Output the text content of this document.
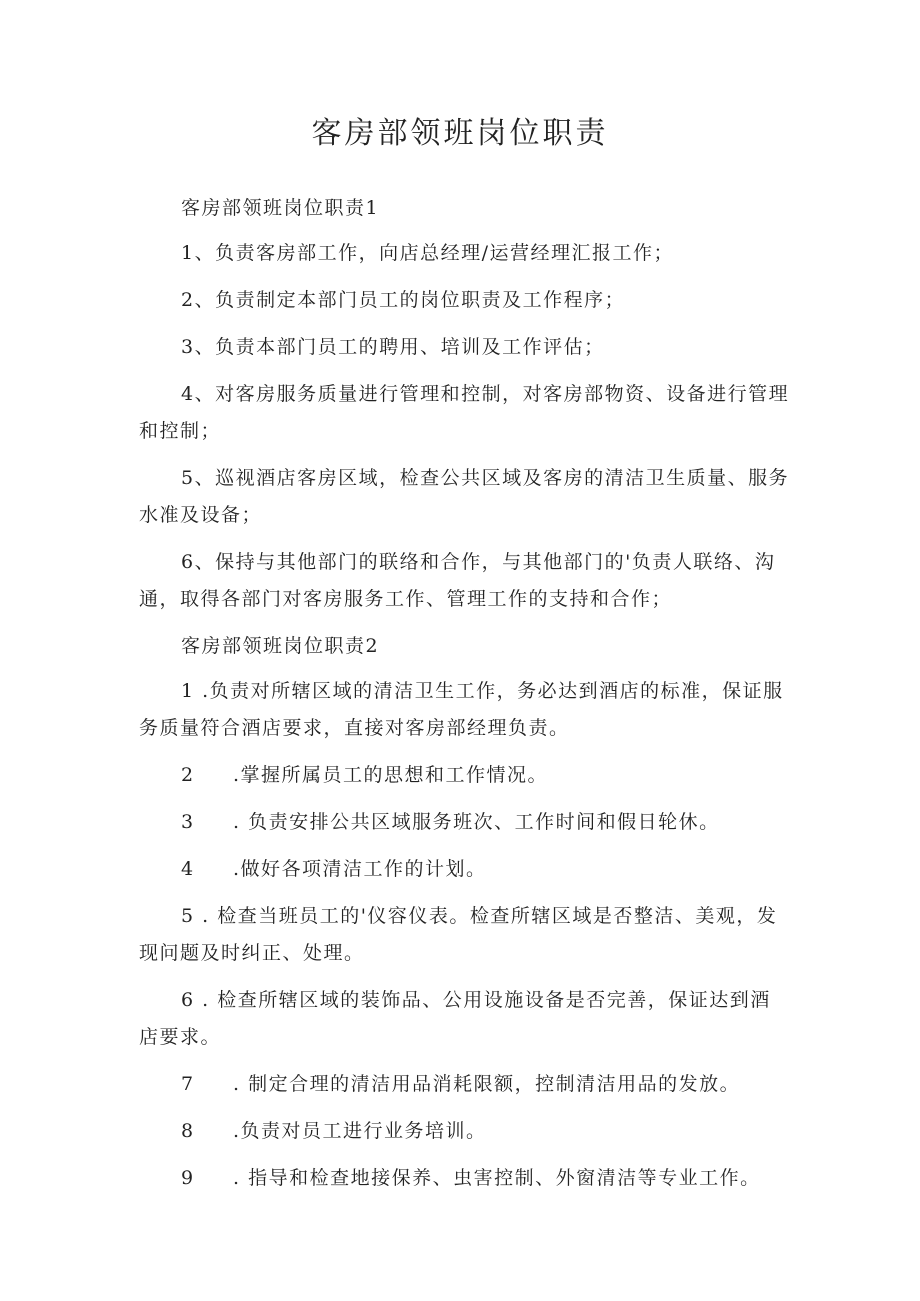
客房部领班岗位职责

客房部领班岗位职责1

1、负责客房部工作，向店总经理/运营经理汇报工作；

2、负责制定本部门员工的岗位职责及工作程序；

3、负责本部门员工的聘用、培训及工作评估；

4、对客房服务质量进行管理和控制，对客房部物资、设备进行管理和控制；

5、巡视酒店客房区域，检查公共区域及客房的清洁卫生质量、服务水准及设备；

6、保持与其他部门的联络和合作，与其他部门的'负责人联络、沟通，取得各部门对客房服务工作、管理工作的支持和合作；

客房部领班岗位职责2

1 .负责对所辖区域的清洁卫生工作，务必达到酒店的标准，保证服务质量符合酒店要求，直接对客房部经理负责。

2	.掌握所属员工的思想和工作情况。

3	. 负责安排公共区域服务班次、工作时间和假日轮休。

4	.做好各项清洁工作的计划。

5 . 检查当班员工的'仪容仪表。检查所辖区域是否整洁、美观，发现问题及时纠正、处理。

6 . 检查所辖区域的装饰品、公用设施设备是否完善，保证达到酒店要求。

7	. 制定合理的清洁用品消耗限额，控制清洁用品的发放。

8	.负责对员工进行业务培训。

9	. 指导和检查地接保养、虫害控制、外窗清洁等专业工作。
